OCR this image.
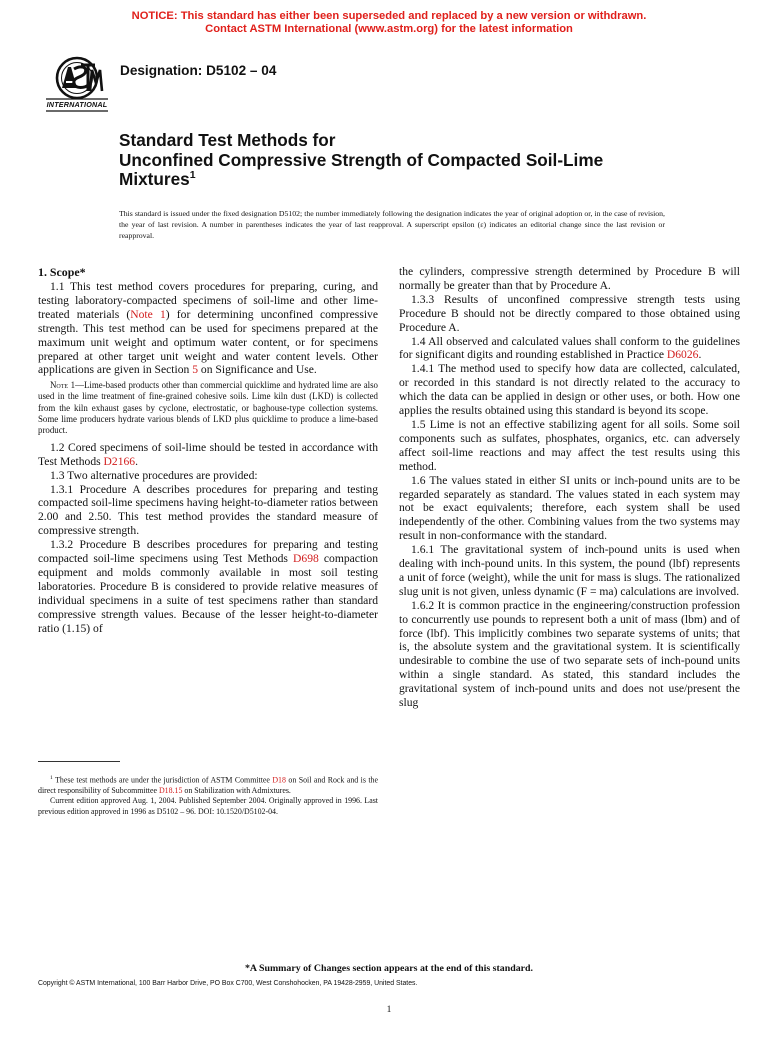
NOTICE: This standard has either been superseded and replaced by a new version or withdrawn.
Contact ASTM International (www.astm.org) for the latest information
INTERNATIONAL
Designation: D5102 – 04
Standard Test Methods for
Unconfined Compressive Strength of Compacted Soil-Lime
Mixtures$^1$
This standard is issued under the fixed designation D5102; the number immediately following the designation indicates the year of original adoption or, in the case of revision, the year of last revision. A number in parentheses indicates the year of last reapproval. A superscript epsilon (ε) indicates an editorial change since the last revision or reapproval.
1. Scope*

1.1 This test method covers procedures for preparing, curing, and testing laboratory-compacted specimens of soil-lime and other lime-treated materials (Note 1) for determining unconfined compressive strength. This test method can be used for specimens prepared at the maximum unit weight and optimum water content, or for specimens prepared at other target unit weight and water content levels. Other applications are given in Section 5 on Significance and Use.

Note 1—Lime-based products other than commercial quicklime and hydrated lime are also used in the lime treatment of fine-grained cohesive soils. Lime kiln dust (LKD) is collected from the kiln exhaust gases by cyclone, electrostatic, or baghouse-type collection systems. Some lime producers hydrate various blends of LKD plus quicklime to produce a lime-based product.

1.2 Cored specimens of soil-lime should be tested in accordance with Test Methods D2166.

1.3 Two alternative procedures are provided:

1.3.1 Procedure A describes procedures for preparing and testing compacted soil-lime specimens having height-to-diameter ratios between 2.00 and 2.50. This test method provides the standard measure of compressive strength.

1.3.2 Procedure B describes procedures for preparing and testing compacted soil-lime specimens using Test Methods D698 compaction equipment and molds commonly available in most soil testing laboratories. Procedure B is considered to provide relative measures of individual specimens in a suite of test specimens rather than standard compressive strength values. Because of the lesser height-to-diameter ratio (1.15) of

the cylinders, compressive strength determined by Procedure B will normally be greater than that by Procedure A.

1.3.3 Results of unconfined compressive strength tests using Procedure B should not be directly compared to those obtained using Procedure A.

1.4 All observed and calculated values shall conform to the guidelines for significant digits and rounding established in Practice D6026.

1.4.1 The method used to specify how data are collected, calculated, or recorded in this standard is not directly related to the accuracy to which the data can be applied in design or other uses, or both. How one applies the results obtained using this standard is beyond its scope.

1.5 Lime is not an effective stabilizing agent for all soils. Some soil components such as sulfates, phosphates, organics, etc. can adversely affect soil-lime reactions and may affect the test results using this method.

1.6 The values stated in either SI units or inch-pound units are to be regarded separately as standard. The values stated in each system may not be exact equivalents; therefore, each system shall be used independently of the other. Combining values from the two systems may result in non-conformance with the standard.

1.6.1 The gravitational system of inch-pound units is used when dealing with inch-pound units. In this system, the pound (lbf) represents a unit of force (weight), while the unit for mass is slugs. The rationalized slug unit is not given, unless dynamic (F = ma) calculations are involved.

1.6.2 It is common practice in the engineering/construction profession to concurrently use pounds to represent both a unit of mass (lbm) and of force (lbf). This implicitly combines two separate systems of units; that is, the absolute system and the gravitational system. It is scientifically undesirable to combine the use of two separate sets of inch-pound units within a single standard. As stated, this standard includes the gravitational system of inch-pound units and does not use/present the slug

$^1$ These test methods are under the jurisdiction of ASTM Committee D18 on Soil and Rock and is the direct responsibility of Subcommittee D18.15 on Stabilization with Admixtures.

Current edition approved Aug. 1, 2004. Published September 2004. Originally approved in 1996. Last previous edition approved in 1996 as D5102 – 96. DOI: 10.1520/D5102-04.

*A Summary of Changes section appears at the end of this standard.
Copyright © ASTM International, 100 Barr Harbor Drive, PO Box C700, West Conshohocken, PA 19428-2959, United States.
1
